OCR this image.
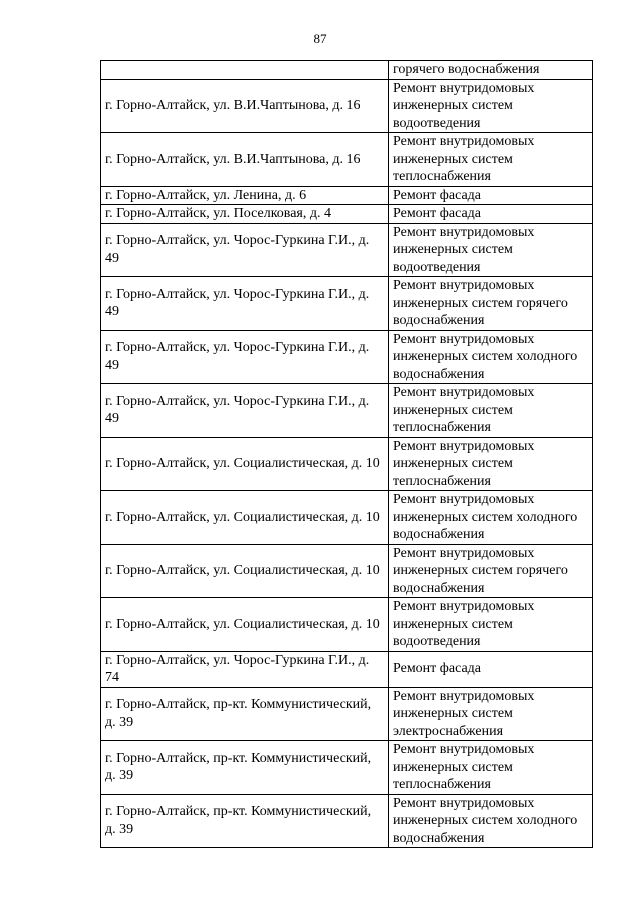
87
	горячего водоснабжения
г. Горно-Алтайск, ул. В.И.Чаптынова, д. 16	Ремонт внутридомовых инженерных систем водоотведения
г. Горно-Алтайск, ул. В.И.Чаптынова, д. 16	Ремонт внутридомовых инженерных систем теплоснабжения
г. Горно-Алтайск, ул. Ленина, д. 6	Ремонт фасада
г. Горно-Алтайск, ул. Поселковая, д. 4	Ремонт фасада
г. Горно-Алтайск, ул. Чорос-Гуркина Г.И., д. 49	Ремонт внутридомовых инженерных систем водоотведения
г. Горно-Алтайск, ул. Чорос-Гуркина Г.И., д. 49	Ремонт внутридомовых инженерных систем горячего водоснабжения
г. Горно-Алтайск, ул. Чорос-Гуркина Г.И., д. 49	Ремонт внутридомовых инженерных систем холодного водоснабжения
г. Горно-Алтайск, ул. Чорос-Гуркина Г.И., д. 49	Ремонт внутридомовых инженерных систем теплоснабжения
г. Горно-Алтайск, ул. Социалистическая, д. 10	Ремонт внутридомовых инженерных систем теплоснабжения
г. Горно-Алтайск, ул. Социалистическая, д. 10	Ремонт внутридомовых инженерных систем холодного водоснабжения
г. Горно-Алтайск, ул. Социалистическая, д. 10	Ремонт внутридомовых инженерных систем горячего водоснабжения
г. Горно-Алтайск, ул. Социалистическая, д. 10	Ремонт внутридомовых инженерных систем водоотведения
г. Горно-Алтайск, ул. Чорос-Гуркина Г.И., д. 74	Ремонт фасада
г. Горно-Алтайск, пр-кт. Коммунистический, д. 39	Ремонт внутридомовых инженерных систем электроснабжения
г. Горно-Алтайск, пр-кт. Коммунистический, д. 39	Ремонт внутридомовых инженерных систем теплоснабжения
г. Горно-Алтайск, пр-кт. Коммунистический, д. 39	Ремонт внутридомовых инженерных систем холодного водоснабжения
